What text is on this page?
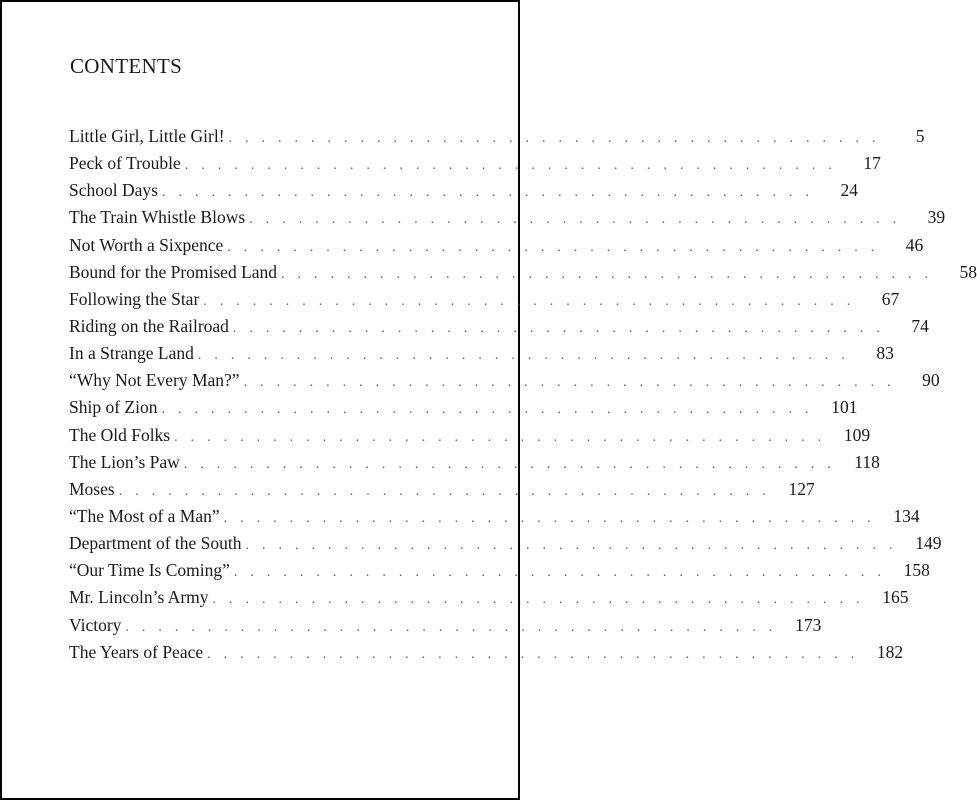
CONTENTS
Little Girl, Little Girl! ........................................	5
Peck of Trouble ........................................	17
School Days ........................................	24
The Train Whistle Blows ........................................	39
Not Worth a Sixpence ........................................	46
Bound for the Promised Land ........................................	58
Following the Star ........................................	67
Riding on the Railroad ........................................	74
In a Strange Land ........................................	83
“Why Not Every Man?” ........................................	90
Ship of Zion ........................................ 101
The Old Folks ........................................ 109
The Lion’s Paw ........................................ 118
Moses ........................................ 127
“The Most of a Man” ........................................ 134
Department of the South ........................................ 149
“Our Time Is Coming” ........................................ 158
Mr. Lincoln’s Army ........................................ 165
Victory ........................................ 173
The Years of Peace ........................................ 182
